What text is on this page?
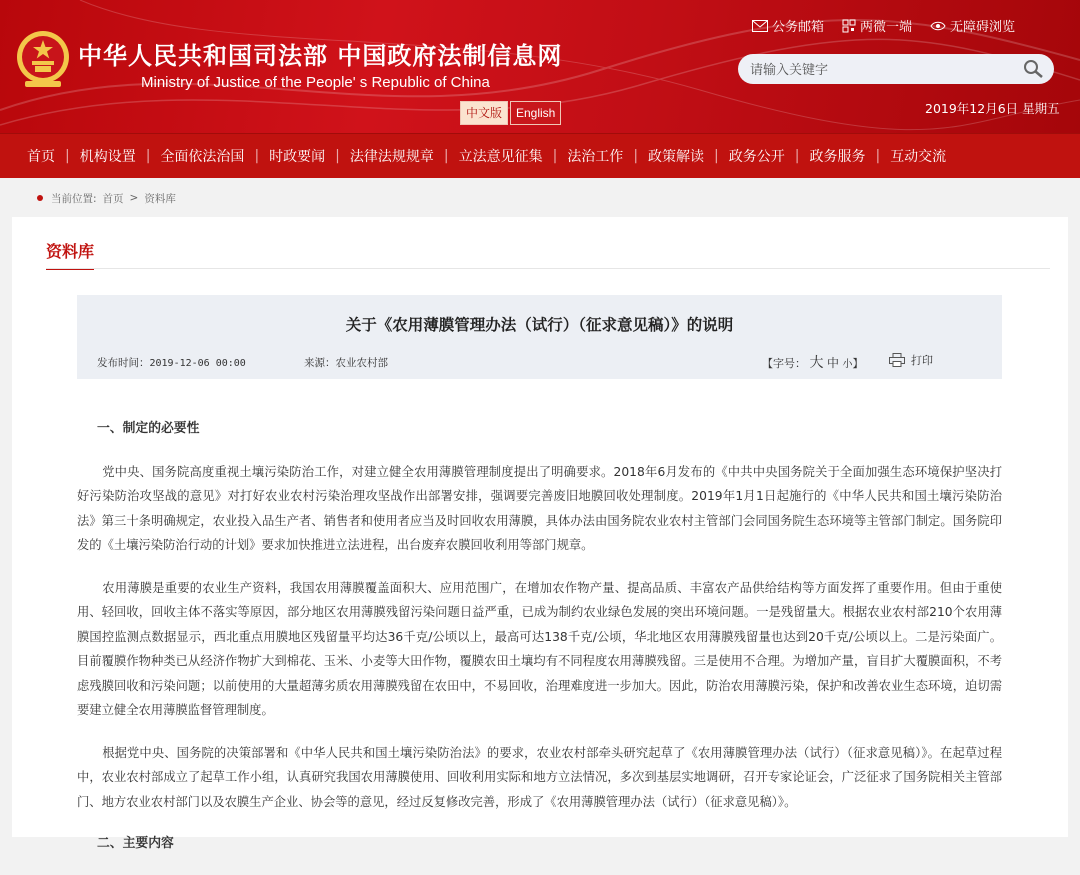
中华人民共和国司法部 中国政府法制信息网
Ministry of Justice of the People' s Republic of China
中文版	English
公务邮箱	两微一端	无障碍浏览
请输入关键字
2019年12月6日 星期五
首页 | 机构设置 | 全面依法治国 | 时政要闻 | 法律法规规章 | 立法意见征集 | 法治工作 | 政策解读 | 政务公开 | 政务服务 | 互动交流
当前位置: 首页 > 资料库
资料库
关于《农用薄膜管理办法（试行）（征求意见稿）》的说明
发布时间：2019-12-06 00:00	来源：农业农村部	【字号： 大 中 小】	打印
一、制定的必要性

党中央、国务院高度重视土壤污染防治工作，对建立健全农用薄膜管理制度提出了明确要求。2018年6月发布的《中共中央国务院关于全面加强生态环境保护坚决打好污染防治攻坚战的意见》对打好农业农村污染治理攻坚战作出部署安排，强调要完善废旧地膜回收处理制度。2019年1月1日起施行的《中华人民共和国土壤污染防治法》第三十条明确规定，农业投入品生产者、销售者和使用者应当及时回收农用薄膜，具体办法由国务院农业农村主管部门会同国务院生态环境等主管部门制定。国务院印发的《土壤污染防治行动的计划》要求加快推进立法进程，出台废弃农膜回收利用等部门规章。

农用薄膜是重要的农业生产资料，我国农用薄膜覆盖面积大、应用范围广，在增加农作物产量、提高品质、丰富农产品供给结构等方面发挥了重要作用。但由于重使用、轻回收，回收主体不落实等原因，部分地区农用薄膜残留污染问题日益严重，已成为制约农业绿色发展的突出环境问题。一是残留量大。根据农业农村部210个农用薄膜国控监测点数据显示，西北重点用膜地区残留量平均达36千克/公顷以上，最高可达138千克/公顷，华北地区农用薄膜残留量也达到20千克/公顷以上。二是污染面广。目前覆膜作物种类已从经济作物扩大到棉花、玉米、小麦等大田作物，覆膜农田土壤均有不同程度农用薄膜残留。三是使用不合理。为增加产量，盲目扩大覆膜面积，不考虑残膜回收和污染问题；以前使用的大量超薄劣质农用薄膜残留在农田中，不易回收，治理难度进一步加大。因此，防治农用薄膜污染，保护和改善农业生态环境，迫切需要建立健全农用薄膜监督管理制度。

根据党中央、国务院的决策部署和《中华人民共和国土壤污染防治法》的要求，农业农村部牵头研究起草了《农用薄膜管理办法（试行）（征求意见稿）》。在起草过程中，农业农村部成立了起草工作小组，认真研究我国农用薄膜使用、回收利用实际和地方立法情况，多次到基层实地调研，召开专家论证会，广泛征求了国务院相关主管部门、地方农业农村部门以及农膜生产企业、协会等的意见，经过反复修改完善，形成了《农用薄膜管理办法（试行）（征求意见稿）》。

二、主要内容
